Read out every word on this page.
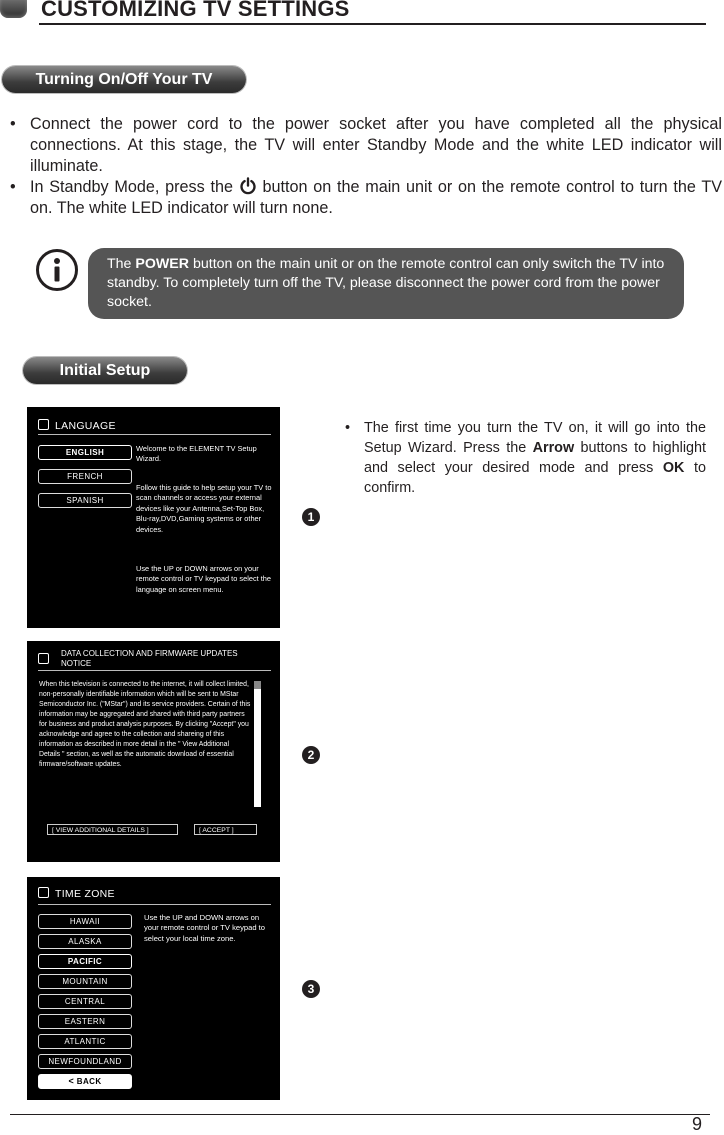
CUSTOMIZING TV SETTINGS
Turning On/Off Your TV
• Connect the power cord to the power socket after you have completed all the physical connections. At this stage, the TV will enter Standby Mode and the white LED indicator will illuminate.
• In Standby Mode, press the button on the main unit or on the remote control to turn the TV on. The white LED indicator will turn none.
The POWER button on the main unit or on the remote control can only switch the TV into standby. To completely turn off the TV, please disconnect the power cord from the power socket.
Initial Setup
LANGUAGE
ENGLISH
FRENCH
SPANISH
Welcome to the ELEMENT TV Setup Wizard.
Follow this guide to help setup your TV to scan channels or access your external devices like your Antenna,Set-Top Box, Blu-ray,DVD,Gaming systems or other devices.
Use the UP or DOWN arrows on your remote control or TV keypad to select the language on screen menu.
DATA COLLECTION AND FIRMWARE UPDATES
NOTICE
When this television is connected to the internet, it will collect limited, non-personally identifiable information which will be sent to MStar Semiconductor Inc. ("MStar") and its service providers. Certain of this information may be aggregated and shared with third party partners for business and product analysis purposes. By clicking "Accept" you acknowledge and agree to the collection and shareing of this information as described in more detail in the " View Additional Details " section, as well as the automatic download of essential firmware/software updates.
[ VIEW ADDITIONAL DETAILS ]	[ ACCEPT ]
TIME ZONE
HAWAII
ALASKA
PACIFIC
MOUNTAIN
CENTRAL
EASTERN
ATLANTIC
NEWFOUNDLAND
< BACK
Use the UP and DOWN arrows on your remote control or TV keypad to select your local time zone.
1
2
3
• The first time you turn the TV on, it will go into the Setup Wizard. Press the Arrow buttons to highlight and select your desired mode and press OK to confirm.
9
